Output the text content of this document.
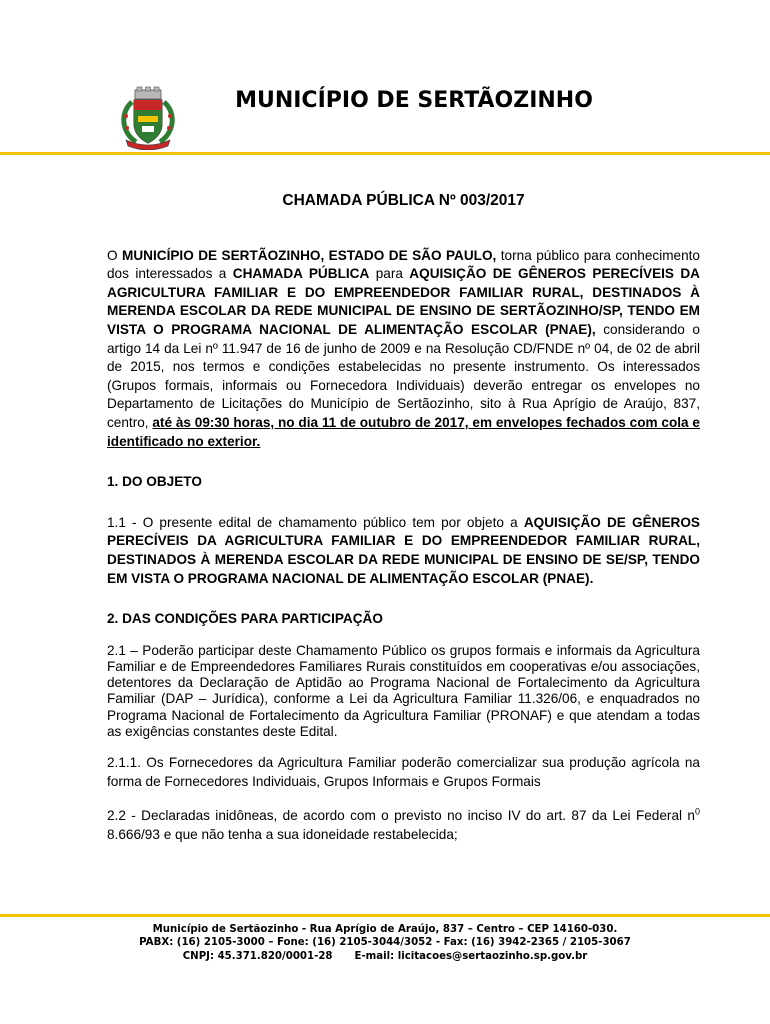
MUNICÍPIO DE SERTÃOZINHO
CHAMADA PÚBLICA Nº 003/2017

O MUNICÍPIO DE SERTÃOZINHO, ESTADO DE SÃO PAULO, torna público para conhecimento dos interessados a CHAMADA PÚBLICA para AQUISIÇÃO DE GÊNEROS PERECÍVEIS DA AGRICULTURA FAMILIAR E DO EMPREENDEDOR FAMILIAR RURAL, DESTINADOS À MERENDA ESCOLAR DA REDE MUNICIPAL DE ENSINO DE SERTÃOZINHO/SP, TENDO EM VISTA O PROGRAMA NACIONAL DE ALIMENTAÇÃO ESCOLAR (PNAE), considerando o artigo 14 da Lei nº 11.947 de 16 de junho de 2009 e na Resolução CD/FNDE nº 04, de 02 de abril de 2015, nos termos e condições estabelecidas no presente instrumento. Os interessados (Grupos formais, informais ou Fornecedora Individuais) deverão entregar os envelopes no Departamento de Licitações do Município de Sertãozinho, sito à Rua Aprígio de Araújo, 837, centro, até às 09:30 horas, no dia 11 de outubro de 2017, em envelopes fechados com cola e identificado no exterior.

1. DO OBJETO

1.1 - O presente edital de chamamento público tem por objeto a AQUISIÇÃO DE GÊNEROS PERECÍVEIS DA AGRICULTURA FAMILIAR E DO EMPREENDEDOR FAMILIAR RURAL, DESTINADOS À MERENDA ESCOLAR DA REDE MUNICIPAL DE ENSINO DE SE/SP, TENDO EM VISTA O PROGRAMA NACIONAL DE ALIMENTAÇÃO ESCOLAR (PNAE).

2. DAS CONDIÇÕES PARA PARTICIPAÇÃO

2.1 – Poderão participar deste Chamamento Público os grupos formais e informais da Agricultura Familiar e de Empreendedores Familiares Rurais constituídos em cooperativas e/ou associações, detentores da Declaração de Aptidão ao Programa Nacional de Fortalecimento da Agricultura Familiar (DAP – Jurídica), conforme a Lei da Agricultura Familiar 11.326/06, e enquadrados no Programa Nacional de Fortalecimento da Agricultura Familiar (PRONAF) e que atendam a todas as exigências constantes deste Edital.

2.1.1. Os Fornecedores da Agricultura Familiar poderão comercializar sua produção agrícola na forma de Fornecedores Individuais, Grupos Informais e Grupos Formais

2.2 - Declaradas inidôneas, de acordo com o previsto no inciso IV do art. 87 da Lei Federal $n^0$ 8.666/93 e que não tenha a sua idoneidade restabelecida;

Município de Sertãozinho - Rua Aprígio de Araújo, 837 – Centro – CEP 14160-030.
PABX: (16) 2105-3000 – Fone: (16) 2105-3044/3052 - Fax: (16) 3942-2365 / 2105-3067
CNPJ: 45.371.820/0001-28 E-mail: licitacoes@sertaozinho.sp.gov.br
